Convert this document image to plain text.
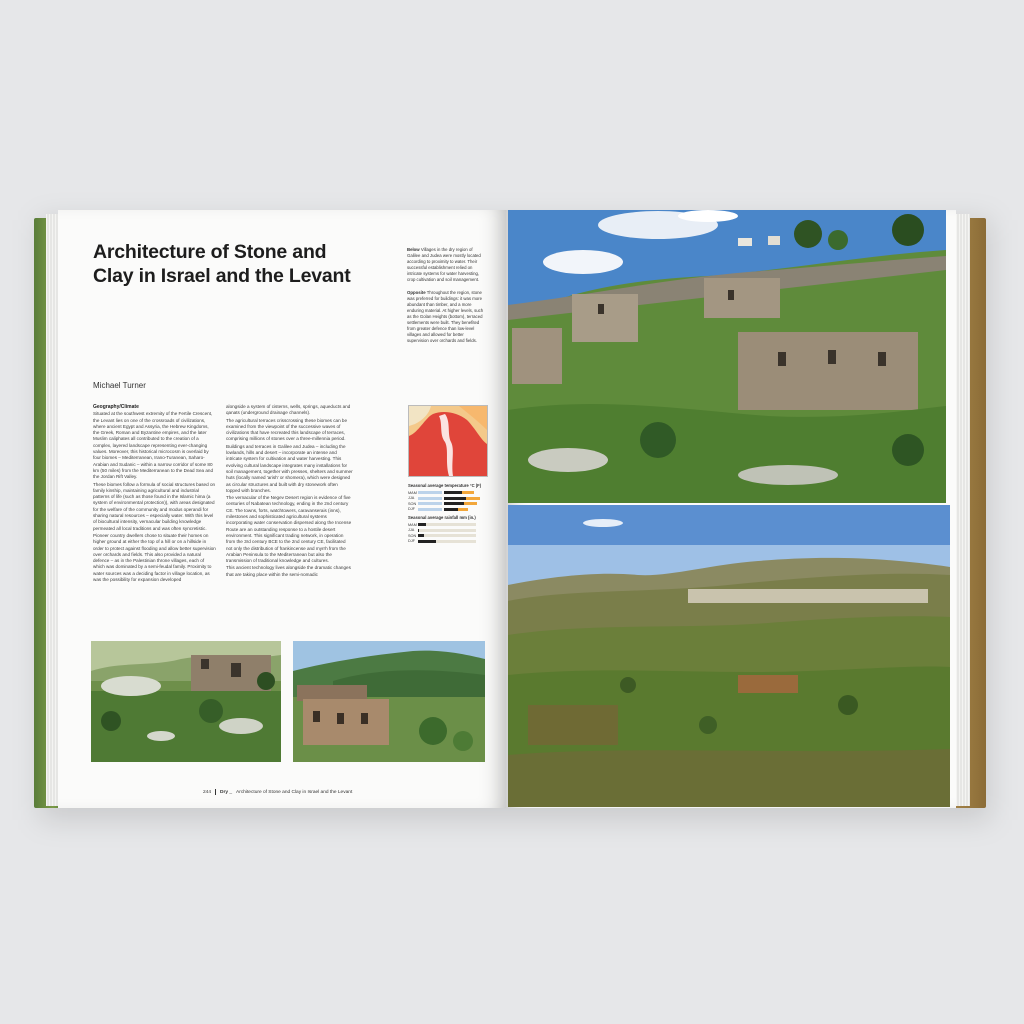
Architecture of Stone and Clay in Israel and the Levant
Michael Turner
Geography/Climate

Situated at the southwest extremity of the Fertile Crescent, the Levant lies on one of the crossroads of civilizations, where ancient Egypt and Assyria, the Hebrew Kingdoms, the Greek, Roman and Byzantine empires, and the later Muslim caliphates all contributed to the creation of a complex, layered landscape representing ever-changing values. Moreover, this historical microcosm is overlaid by four biomes – Mediterranean, Irano-Turanean, Saharo-Arabian and Sudanic – within a narrow corridor of some 80 km (50 miles) from the Mediterranean to the Dead Sea and the Jordan Rift Valley.

These biomes follow a formula of social structures based on family kinship, maintaining agricultural and industrial patterns of life (such as those found in the Islamic hima (a system of environmental protection)), with areas designated for the welfare of the community and modus operandi for sharing natural resources – especially water. With this level of biocultural intensity, vernacular building knowledge permeated all local traditions and was often syncretistic.

Pioneer country dwellers chose to situate their homes on higher ground at either the top of a hill or on a hillside in order to protect against flooding and allow better supervision over orchards and fields. This also provided a natural defence – as in the Palestinian throne villages, each of which was dominated by a semi-feudal family. Proximity to water sources was a deciding factor in village location, as was the possibility for expansion developed

alongside a system of cisterns, wells, springs, aqueducts and qanats (underground drainage channels).

The agricultural terraces crisscrossing these biomes can be examined from the viewpoint of the successive waves of civilizations that have recreated this landscape of terraces, comprising millions of stones over a three-millennia period.

Buildings and terraces in Galilee and Judea – including the lowlands, hills and desert – incorporate an intense and intricate system for cultivation and water harvesting. This evolving cultural landscape integrates many installations for soil management, together with presses, shelters and summer huts (locally named 'arish' or shomera), which were designed as circular structures and built with dry stonework often topped with branches.

The vernacular of the Negev Desert region is evidence of five centuries of Nabatean technology, ending in the 2nd century CE. The towns, forts, watchtowers, caravanserais (inns), milestones and sophisticated agricultural systems incorporating water conservation dispersed along the Incense Route are an outstanding response to a hostile desert environment. This significant trading network, in operation from the 3rd century BCE to the 2nd century CE, facilitated not only the distribution of frankincense and myrrh from the Arabian Peninsula to the Mediterranean but also the transmission of traditional knowledge and cultures.

This ancient technology lives alongside the dramatic changes that are taking place within the semi-nomadic

Below Villages in the dry region of Galilee and Judea were mostly located according to proximity to water. Their successful establishment relied on intricate systems for water harvesting, crop cultivation and soil management.

Opposite Throughout the region, stone was preferred for buildings: it was more abundant than timber, and a more enduring material. At higher levels, such as the Golan Heights (bottom), terraced settlements were built. They benefited from greater defence than low-level villages and allowed for better supervision over orchards and fields.

Seasonal average temperature °C (F)
MAM
JJA
SON
DJF
Seasonal average rainfall mm (in.)
MAM
JJA
SON
DJF
244 Dry _ Architecture of Stone and Clay in Israel and the Levant
